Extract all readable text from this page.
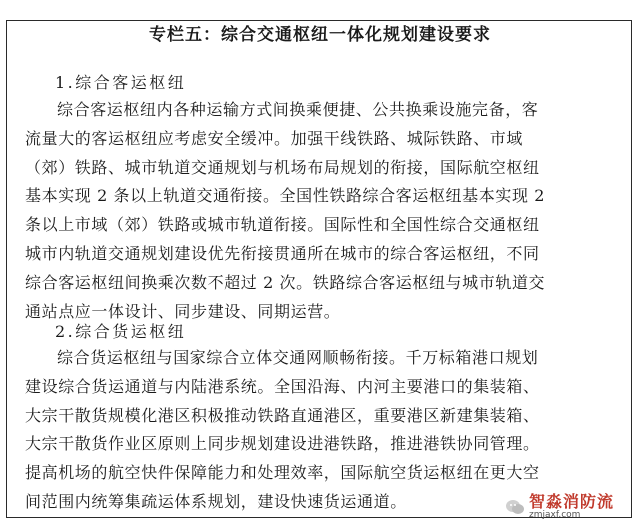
专栏五：综合交通枢纽一体化规划建设要求
1.综合客运枢纽
综合客运枢纽内各种运输方式间换乘便捷、公共换乘设施完备，客
流量大的客运枢纽应考虑安全缓冲。加强干线铁路、城际铁路、市域
（郊）铁路、城市轨道交通规划与机场布局规划的衔接，国际航空枢纽
基本实现 2 条以上轨道交通衔接。全国性铁路综合客运枢纽基本实现 2
条以上市域（郊）铁路或城市轨道衔接。国际性和全国性综合交通枢纽
城市内轨道交通规划建设优先衔接贯通所在城市的综合客运枢纽，不同
综合客运枢纽间换乘次数不超过 2 次。铁路综合客运枢纽与城市轨道交
通站点应一体设计、同步建设、同期运营。
2.综合货运枢纽
综合货运枢纽与国家综合立体交通网顺畅衔接。千万标箱港口规划
建设综合货运通道与内陆港系统。全国沿海、内河主要港口的集装箱、
大宗干散货规模化港区积极推动铁路直通港区，重要港区新建集装箱、
大宗干散货作业区原则上同步规划建设进港铁路，推进港铁协同管理。
提高机场的航空快件保障能力和处理效率，国际航空货运枢纽在更大空
间范围内统筹集疏运体系规划，建设快速货运通道。	智淼消防流
zmjaxf.com
